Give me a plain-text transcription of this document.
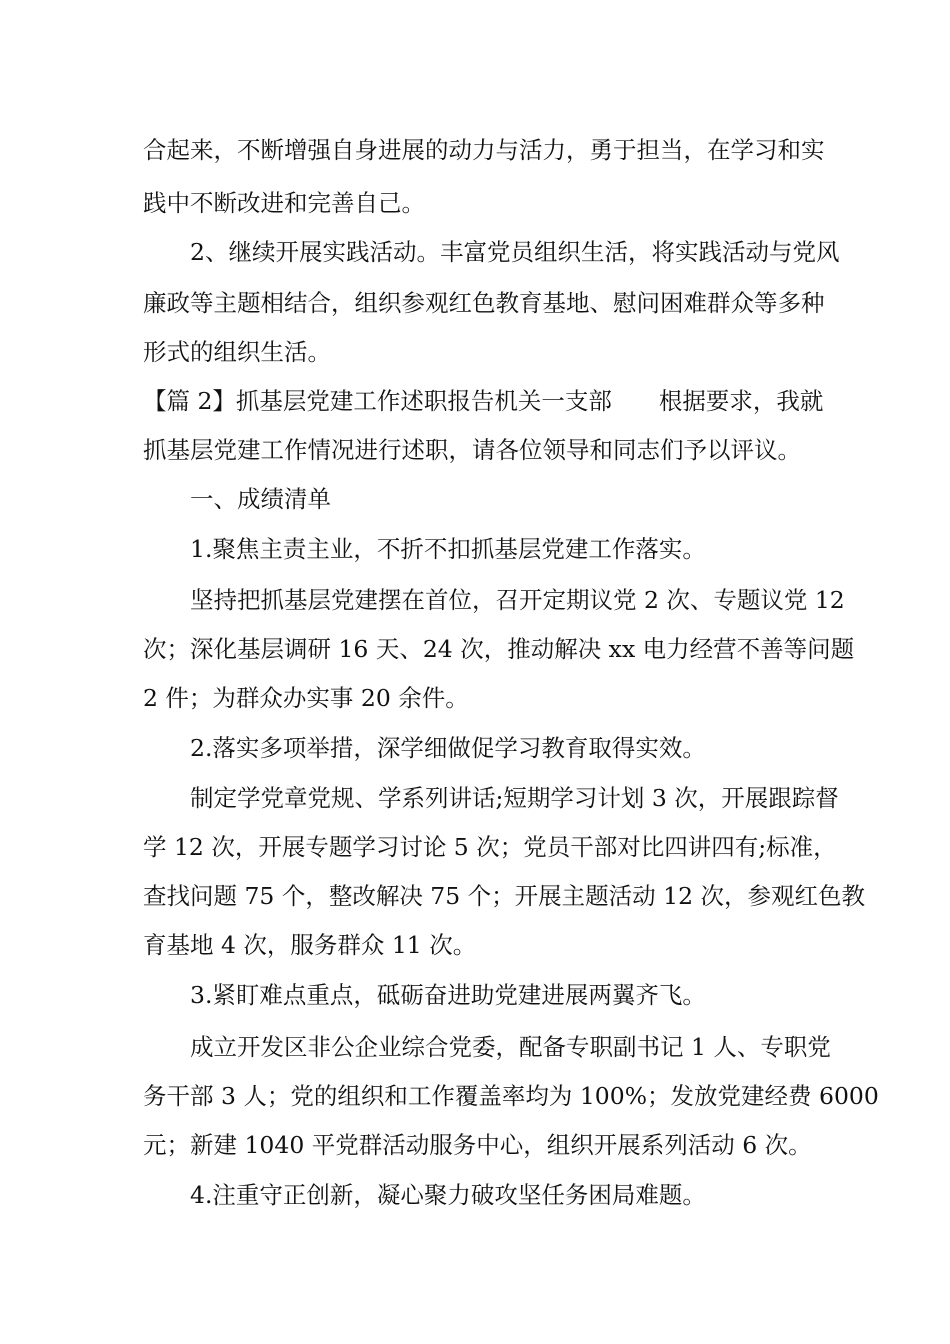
合起来，不断增强自身进展的动力与活力，勇于担当，在学习和实
践中不断改进和完善自己。
2、继续开展实践活动。丰富党员组织生活，将实践活动与党风
廉政等主题相结合，组织参观红色教育基地、慰问困难群众等多种
形式的组织生活。
【篇 2】抓基层党建工作述职报告机关一支部　　根据要求，我就
抓基层党建工作情况进行述职，请各位领导和同志们予以评议。
一、成绩清单
1.聚焦主责主业，不折不扣抓基层党建工作落实。
坚持把抓基层党建摆在首位，召开定期议党 2 次、专题议党 12
次；深化基层调研 16 天、24 次，推动解决 xx 电力经营不善等问题
2 件；为群众办实事 20 余件。
2.落实多项举措，深学细做促学习教育取得实效。
制定学党章党规、学系列讲话;短期学习计划 3 次，开展跟踪督
学 12 次，开展专题学习讨论 5 次；党员干部对比四讲四有;标准，
查找问题 75 个，整改解决 75 个；开展主题活动 12 次，参观红色教
育基地 4 次，服务群众 11 次。
3.紧盯难点重点，砥砺奋进助党建进展两翼齐飞。
成立开发区非公企业综合党委，配备专职副书记 1 人、专职党
务干部 3 人；党的组织和工作覆盖率均为 100%；发放党建经费 6000
元；新建 1040 平党群活动服务中心，组织开展系列活动 6 次。
4.注重守正创新，凝心聚力破攻坚任务困局难题。
